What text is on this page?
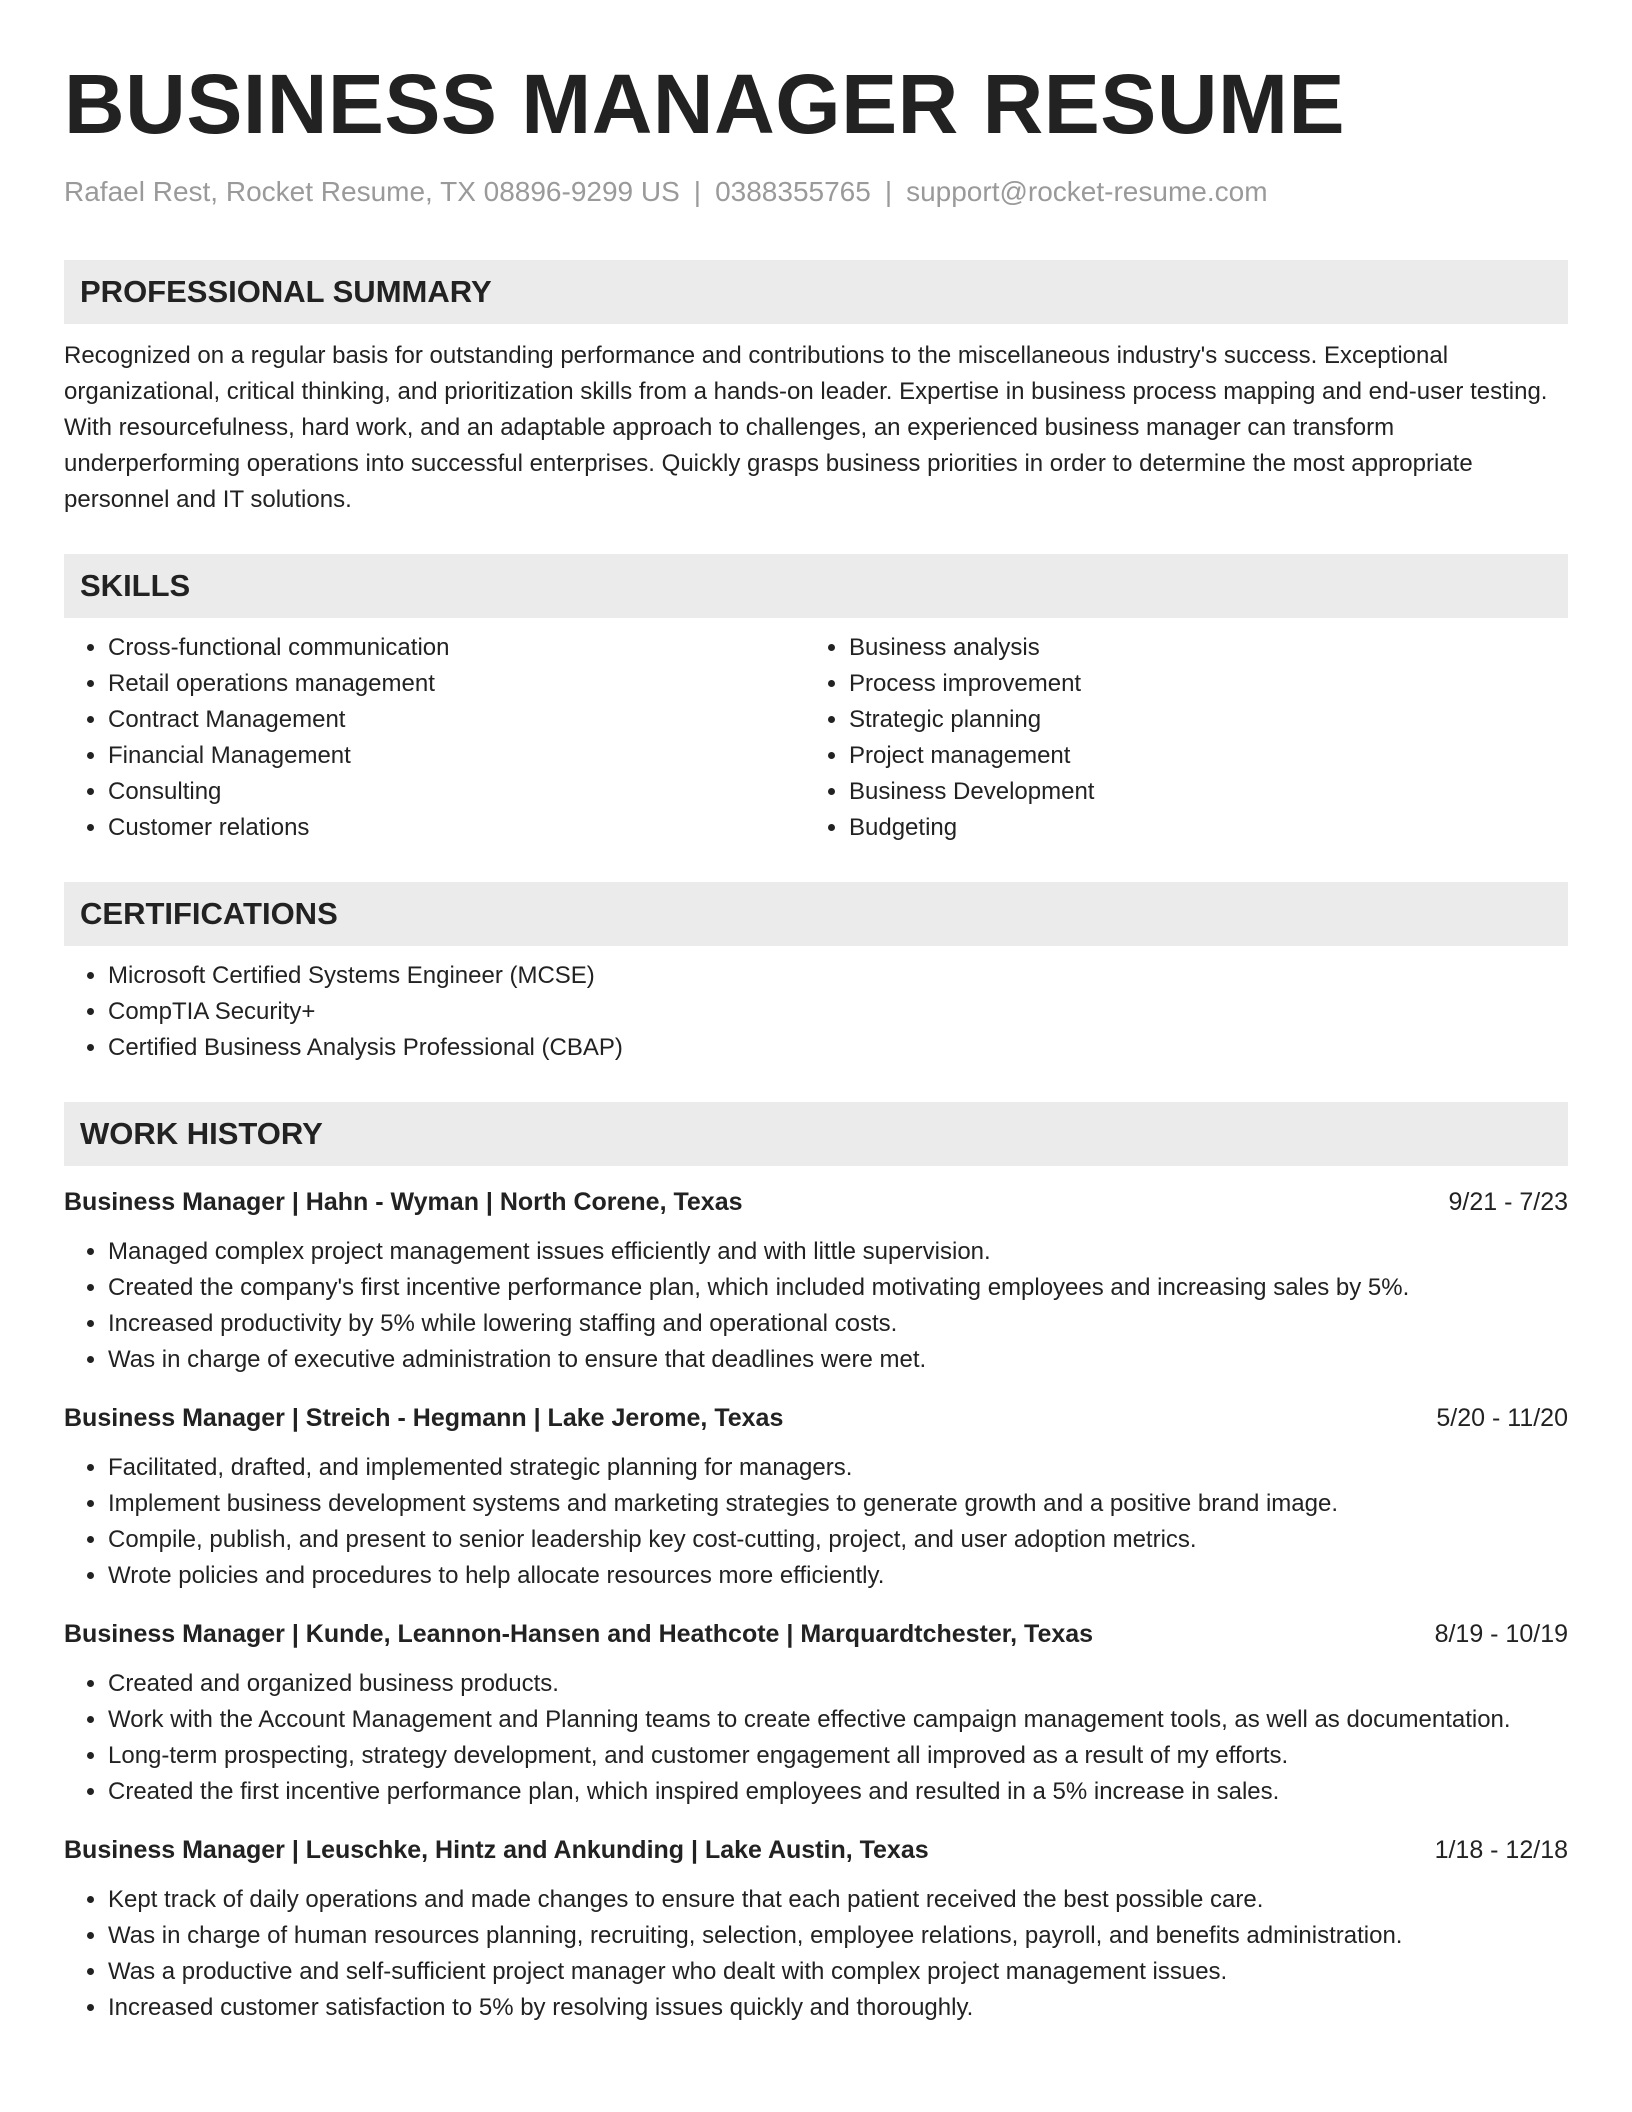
BUSINESS MANAGER RESUME
Rafael Rest, Rocket Resume, TX 08896-9299 US | 0388355765 | support@rocket-resume.com
PROFESSIONAL SUMMARY
Recognized on a regular basis for outstanding performance and contributions to the miscellaneous industry's success. Exceptional organizational, critical thinking, and prioritization skills from a hands-on leader. Expertise in business process mapping and end-user testing. With resourcefulness, hard work, and an adaptable approach to challenges, an experienced business manager can transform underperforming operations into successful enterprises. Quickly grasps business priorities in order to determine the most appropriate personnel and IT solutions.
SKILLS
• Cross-functional communication
• Retail operations management
• Contract Management
• Financial Management
• Consulting
• Customer relations
• Business analysis
• Process improvement
• Strategic planning
• Project management
• Business Development
• Budgeting
CERTIFICATIONS
• Microsoft Certified Systems Engineer (MCSE)
• CompTIA Security+
• Certified Business Analysis Professional (CBAP)
WORK HISTORY
Business Manager | Hahn - Wyman | North Corene, Texas	9/21 - 7/23
• Managed complex project management issues efficiently and with little supervision.
• Created the company's first incentive performance plan, which included motivating employees and increasing sales by 5%.
• Increased productivity by 5% while lowering staffing and operational costs.
• Was in charge of executive administration to ensure that deadlines were met.
Business Manager | Streich - Hegmann | Lake Jerome, Texas	5/20 - 11/20
• Facilitated, drafted, and implemented strategic planning for managers.
• Implement business development systems and marketing strategies to generate growth and a positive brand image.
• Compile, publish, and present to senior leadership key cost-cutting, project, and user adoption metrics.
• Wrote policies and procedures to help allocate resources more efficiently.
Business Manager | Kunde, Leannon-Hansen and Heathcote | Marquardtchester, Texas	8/19 - 10/19
• Created and organized business products.
• Work with the Account Management and Planning teams to create effective campaign management tools, as well as documentation.
• Long-term prospecting, strategy development, and customer engagement all improved as a result of my efforts.
• Created the first incentive performance plan, which inspired employees and resulted in a 5% increase in sales.
Business Manager | Leuschke, Hintz and Ankunding | Lake Austin, Texas	1/18 - 12/18
• Kept track of daily operations and made changes to ensure that each patient received the best possible care.
• Was in charge of human resources planning, recruiting, selection, employee relations, payroll, and benefits administration.
• Was a productive and self-sufficient project manager who dealt with complex project management issues.
• Increased customer satisfaction to 5% by resolving issues quickly and thoroughly.
